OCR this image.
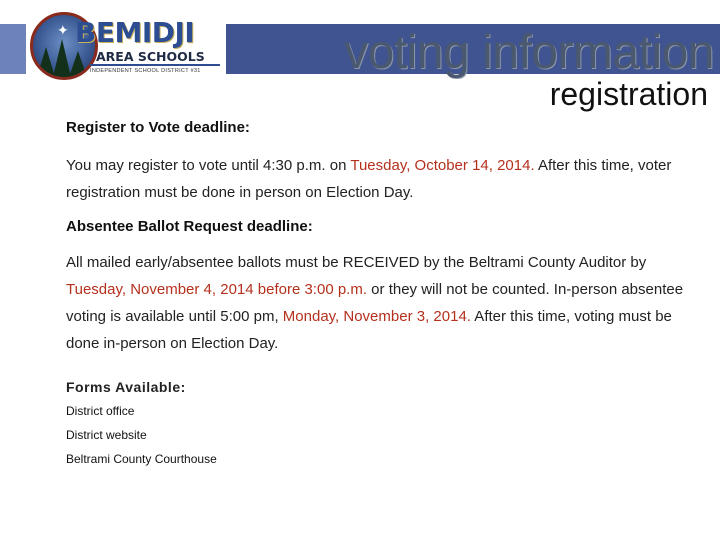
✦ BEMIDJI
AREA SCHOOLS
INDEPENDENT SCHOOL DISTRICT #31	voting information
registration

Register to Vote deadline:

You may register to vote until 4:30 p.m. on Tuesday, October 14, 2014. After this time, voter registration must be done in person on Election Day.

Absentee Ballot Request deadline:

All mailed early/absentee ballots must be RECEIVED by the Beltrami County Auditor by Tuesday, November 4, 2014 before 3:00 p.m. or they will not be counted. In-person absentee voting is available until 5:00 pm, Monday, November 3, 2014. After this time, voting must be done in-person on Election Day.

Forms Available:

District office

District website

Beltrami County Courthouse
